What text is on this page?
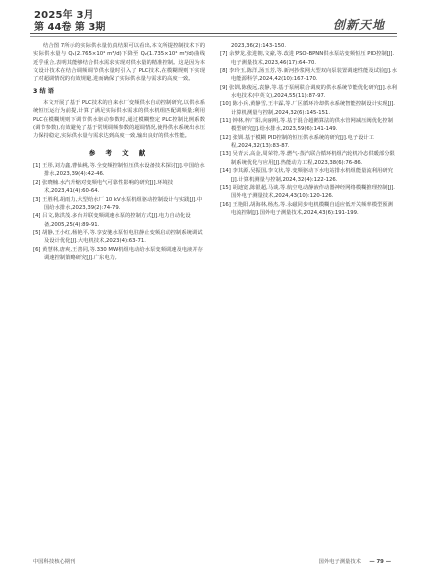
2025年 3月
第 44卷 第 3期	创新天地

结合图 7所示的实际供水量仿真结果可以看出,本文所提控制技术下的实际供水量与 Q₁(2.765×10⁴ m³/d)下降至 Q₂(1.735×10⁴ m³/d)曲线近乎重合,表明其能够结合供水需求实现对供水量的精准控制。这是因为本文设计技术在结合调频调节供水量时引入了 PLC技术,在模糊规则下实现了对超调情况的有效规避,进而确保了实际供水量与需求的高度一致。

3 结 语

本文开展了基于 PLC技术的自来水厂变频供水自动控制研究,以供水系统恒压运行为前提,计算了满足实际供水需求的供水机组匹配调频量;利用 PLC在模糊规则下调节供水驱动参数时,通过模糊整定 PLC控制比例系数(调节参数),有效避免了基于常规调频参数的超调情况,使得供水系统出水压力保持稳定,实际供水量与需求达到高度一致,输出良好的供水性能。

参 考 文 献

[1] 王彤,刘力鑫,曹仙桃,等.全变频控制恒压供水设备技术探讨[J].中国给水排水,2023,39(4):42-46.

[2] 张晓楠.水汽升缩对变频电气可靠性影响的研究[J].环境技术,2023,41(4):60-64.

[3] 王胜利,胡雨力,大型给水厂 10 kV水泵机组驱动控制设计与实践[J].中国给水排水,2023,39(2):74-79.

[4] 吕文,陈洪茂.多台并联变频调速水泵的控制方式[J].电力自动化设备,2005,25(4):89-91.

[5] 胡静,王小红,杨艳平,等.享安驰水泵恒电驻静止变频启动控制系统调试及设计优化[J].大电机技术,2023(4):63-71.

[6] 黄慧林,唐爽,王善同,等.330 MW机组电动给水泵变频调速及电液并存调速控制策略研究[J].广东电力,

2023,36(2):143-150.

[7] 余梦龙,张进朝,文豪,等.改进 PSO-BPNN供水泵站变频恒压 PID控制[J].电子测量技术,2023,46(17):64-70.

[8] 李玲玉,陈洋,汤玉芳,等.新河抄浆网大型双向泵装置调速性能及试验[J].水电能源科学,2024,42(10):167-170.

[9] 张钏,陈俊远,袁静,等.基于泵闸联合调度的供水系统节能优化研究[J].水利水电技术(中英文),2024,55(11):87-97.

[10] 陈小兵,黄静雪,王丰霖,等.厂区循环冷却供水系统智能控制设计实现[J].计算机测量与控制,2024,32(6):145-151.

[11] 钟林,梓广阳,向丽明,等.基于混合超鹅算法的供水管网减压阀优化控制模型研究[J].给水排水,2023,59(6):141-149.

[12] 张钏.基于模糊 PID控制的恒压供水系统的研究[J].电子设计工程,2024,32(13):83-87.

[13] 吴青云,高金,周荣符,等.燃气-蒸汽联合循环机组汽轮机冷态供暖部分限制系统优化与应用[J].热能动力工程,2023,38(6):76-86.

[14] 李其源,吴振国,李文状,等.变频驱动下水电站排水机组能量流利用研究[J].计算机测量与控制,2024,32(4):122-126.

[15] 胡迪宽,陈银超,马谈,等.航空电动静液作动器神经网络模糊推理控制[J].国外电子测量技术,2024,43(10):120-126.

[16] 王艳阳,胡海林,杨杰,等.永磁同步电机模糊自适应低开关频率模型预测电流控制[J].国外电子测量技术,2024,43(6):191-199.

中国科技核心期刊	国外电子测量技术 — 79 —
